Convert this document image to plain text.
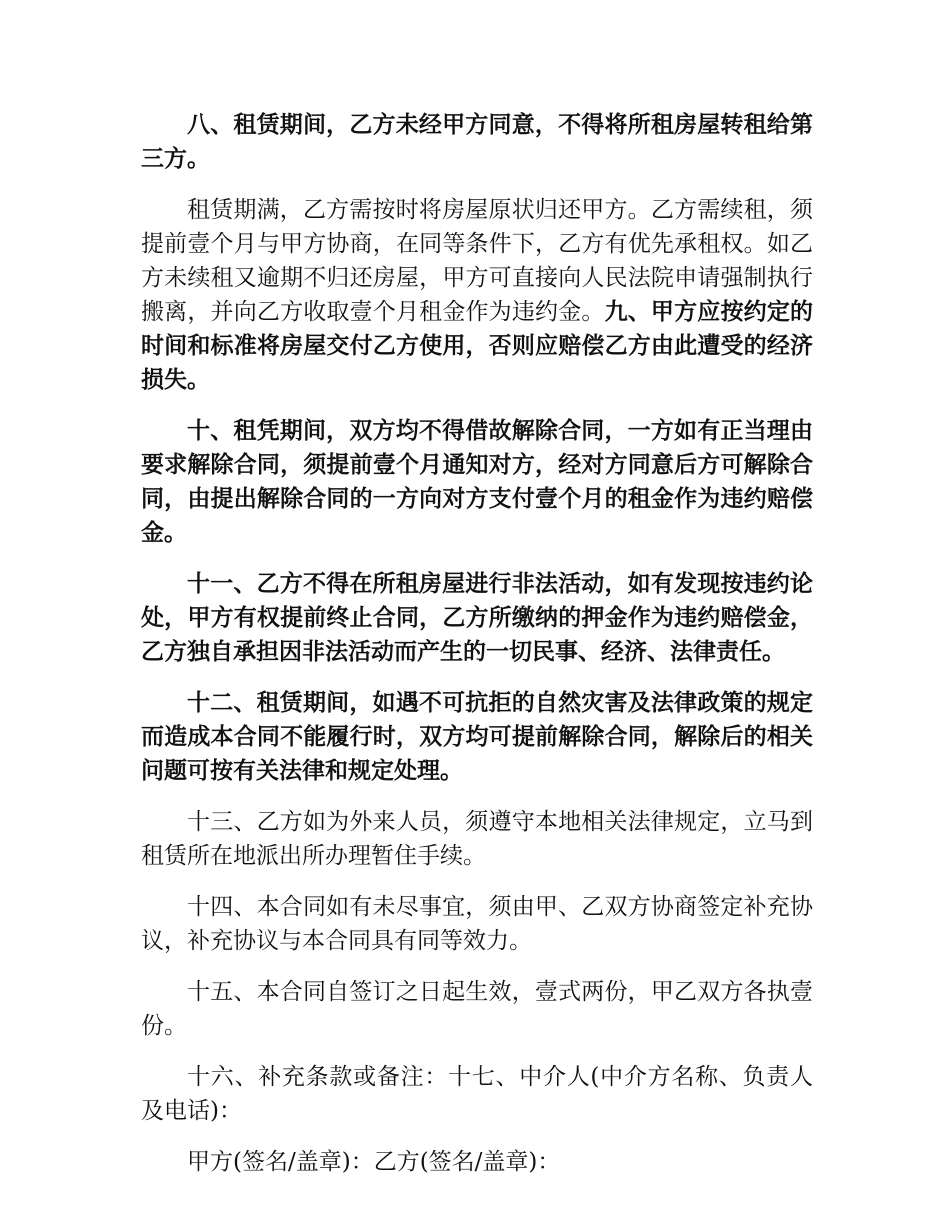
八、租赁期间，乙方未经甲方同意，不得将所租房屋转租给第三方。

租赁期满，乙方需按时将房屋原状归还甲方。乙方需续租，须提前壹个月与甲方协商，在同等条件下，乙方有优先承租权。如乙方未续租又逾期不归还房屋，甲方可直接向人民法院申请强制执行搬离，并向乙方收取壹个月租金作为违约金。九、甲方应按约定的时间和标准将房屋交付乙方使用，否则应赔偿乙方由此遭受的经济损失。

十、租凭期间，双方均不得借故解除合同，一方如有正当理由要求解除合同，须提前壹个月通知对方，经对方同意后方可解除合同，由提出解除合同的一方向对方支付壹个月的租金作为违约赔偿金。

十一、乙方不得在所租房屋进行非法活动，如有发现按违约论处，甲方有权提前终止合同，乙方所缴纳的押金作为违约赔偿金，乙方独自承担因非法活动而产生的一切民事、经济、法律责任。

十二、租赁期间，如遇不可抗拒的自然灾害及法律政策的规定而造成本合同不能履行时，双方均可提前解除合同，解除后的相关问题可按有关法律和规定处理。

十三、乙方如为外来人员，须遵守本地相关法律规定，立马到租赁所在地派出所办理暂住手续。

十四、本合同如有未尽事宜，须由甲、乙双方协商签定补充协议，补充协议与本合同具有同等效力。

十五、本合同自签订之日起生效，壹式两份，甲乙双方各执壹份。

十六、补充条款或备注：十七、中介人(中介方名称、负责人及电话)：

甲方(签名/盖章)：乙方(签名/盖章)：
